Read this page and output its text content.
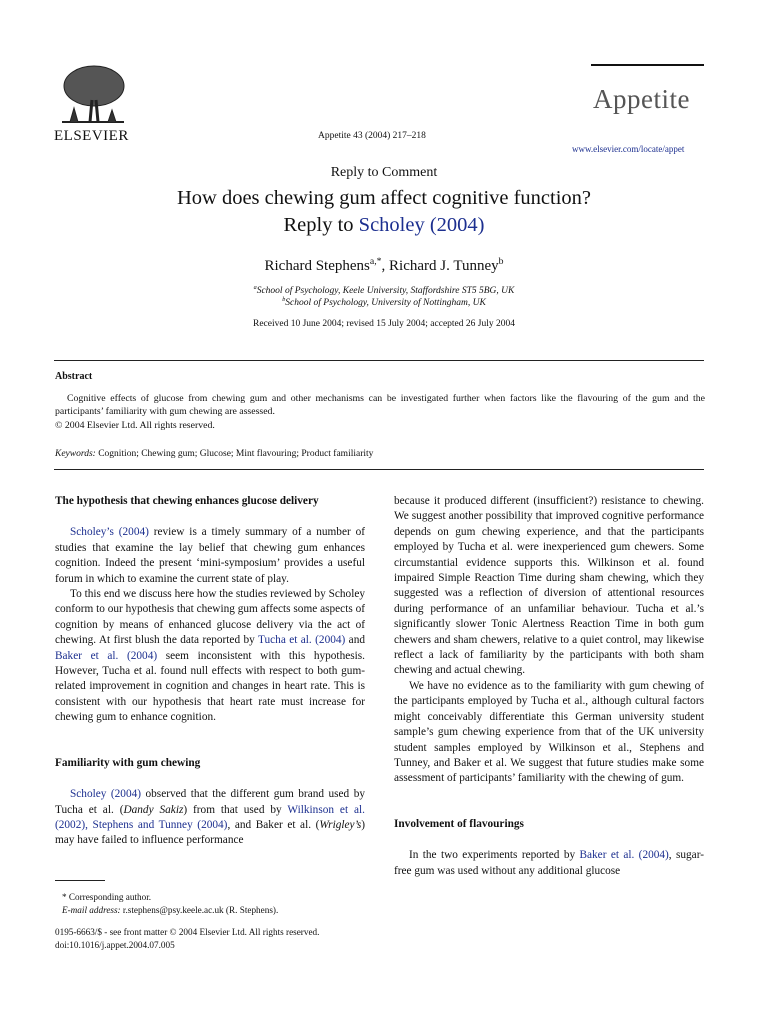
ELSEVIER	Appetite 43 (2004) 217–218
Appetite
www.elsevier.com/locate/appet
Reply to Comment
How does chewing gum affect cognitive function?
Reply to Scholey (2004)
Richard Stephens$^{a,*}$, Richard J. Tunney$^b$
$^a$School of Psychology, Keele University, Staffordshire ST5 5BG, UK
$^b$School of Psychology, University of Nottingham, UK
Received 10 June 2004; revised 15 July 2004; accepted 26 July 2004
Abstract
Cognitive effects of glucose from chewing gum and other mechanisms can be investigated further when factors like the flavouring of the gum and the participants’ familiarity with gum chewing are assessed.
© 2004 Elsevier Ltd. All rights reserved.
Keywords: Cognition; Chewing gum; Glucose; Mint flavouring; Product familiarity
The hypothesis that chewing enhances glucose delivery

Scholey’s (2004) review is a timely summary of a number of studies that examine the lay belief that chewing gum enhances cognition. Indeed the present ‘mini-symposium’ provides a useful forum in which to examine the current state of play.

To this end we discuss here how the studies reviewed by Scholey conform to our hypothesis that chewing gum affects some aspects of cognition by means of enhanced glucose delivery via the act of chewing. At first blush the data reported by Tucha et al. (2004) and Baker et al. (2004) seem inconsistent with this hypothesis. However, Tucha et al. found null effects with respect to both gum-related improvement in cognition and changes in heart rate. This is consistent with our hypothesis that heart rate must increase for chewing gum to enhance cognition.

Familiarity with gum chewing

Scholey (2004) observed that the different gum brand used by Tucha et al. (Dandy Sakiz) from that used by Wilkinson et al. (2002), Stephens and Tunney (2004), and Baker et al. (Wrigley’s) may have failed to influence performance

because it produced different (insufficient?) resistance to chewing. We suggest another possibility that improved cognitive performance depends on gum chewing experience, and that the participants employed by Tucha et al. were inexperienced gum chewers. Some circumstantial evidence supports this. Wilkinson et al. found impaired Simple Reaction Time during sham chewing, which they suggested was a reflection of diversion of attentional resources during performance of an unfamiliar behaviour. Tucha et al.’s significantly slower Tonic Alertness Reaction Time in both gum chewers and sham chewers, relative to a quiet control, may likewise reflect a lack of familiarity by the participants with both sham chewing and actual chewing.

We have no evidence as to the familiarity with gum chewing of the participants employed by Tucha et al., although cultural factors might conceivably differentiate this German university student sample’s gum chewing experience from that of the UK university student samples employed by Wilkinson et al., Stephens and Tunney, and Baker et al. We suggest that future studies make some assessment of participants’ familiarity with the chewing of gum.

Involvement of flavourings

In the two experiments reported by Baker et al. (2004), sugar-free gum was used without any additional glucose

* Corresponding author.
E-mail address: r.stephens@psy.keele.ac.uk (R. Stephens).
0195-6663/$ - see front matter © 2004 Elsevier Ltd. All rights reserved.
doi:10.1016/j.appet.2004.07.005
